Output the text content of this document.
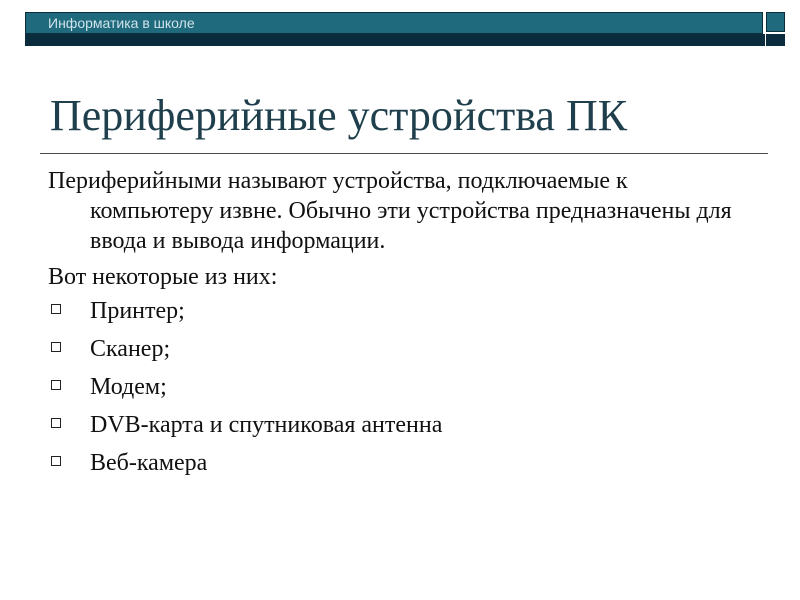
Информатика в школе
Периферийные устройства ПК

Периферийными называют устройства, подключаемые к компьютеру извне. Обычно эти устройства предназначены для ввода и вывода информации.

Вот некоторые из них:

Принтер;
Сканер;
Модем;
DVB-карта и спутниковая антенна
Веб-камера
